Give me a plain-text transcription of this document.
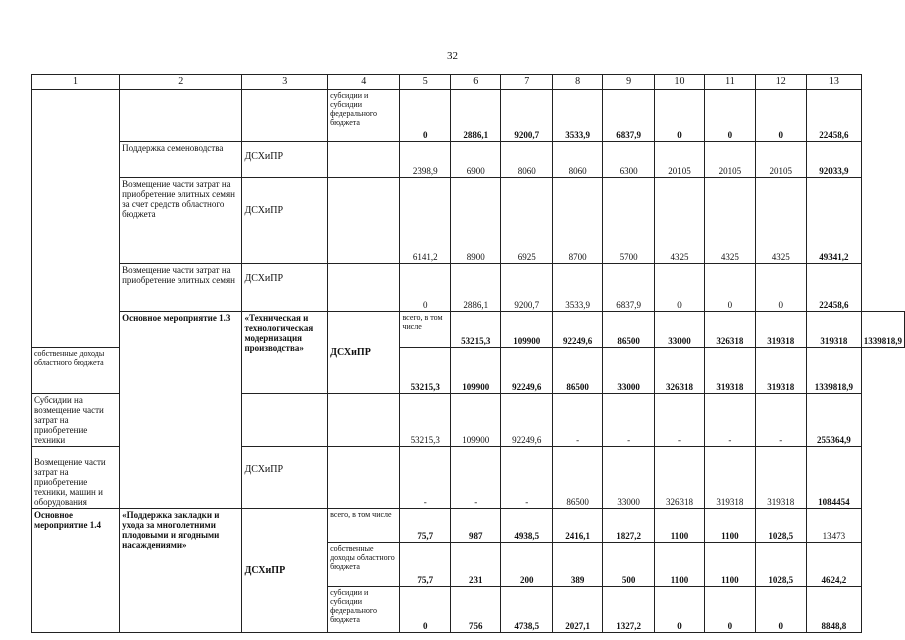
32
1	2	3	4	5	6	7	8	9	10	11	12	13	
			субсидии и субсидии федерального бюджета	0	2886,1	9200,7	3533,9	6837,9	0	0	0	22458,6	
	Поддержка семеноводства	ДСХиПР		2398,9	6900	8060	8060	6300	20105	20105	20105	92033,9	
	Возмещение части затрат на приобретение элитных семян за счет средств областного бюджета	ДСХиПР		6141,2	8900	6925	8700	5700	4325	4325	4325	49341,2	
	Возмещение части затрат на приобретение элитных семян	ДСХиПР		0	2886,1	9200,7	3533,9	6837,9	0	0	0	22458,6	
	Основное мероприятие 1.3	«Техническая и технологическая модернизация производства»	ДСХиПР	всего, в том числе	53215,3	109900	92249,6	86500	33000	326318	319318	319318	1339818,9
собственные доходы областного бюджета				53215,3	109900	92249,6	86500	33000	326318	319318	319318	1339818,9	
Субсидии на возмещение части затрат на приобретение техники				53215,3	109900	92249,6	-	-	-	-	-	255364,9	
Возмещение части затрат на приобретение техники, машин и оборудования		ДСХиПР		-	-	-	86500	33000	326318	319318	319318	1084454	
Основное мероприятие 1.4	«Поддержка закладки и ухода за многолетними плодовыми и ягодными насаждениями»	ДСХиПР	всего, в том числе	75,7	987	4938,5	2416,1	1827,2	1100	1100	1028,5	13473	
			собственные доходы областного бюджета	75,7	231	200	389	500	1100	1100	1028,5	4624,2	
			субсидии и субсидии федерального бюджета	0	756	4738,5	2027,1	1327,2	0	0	0	8848,8	
